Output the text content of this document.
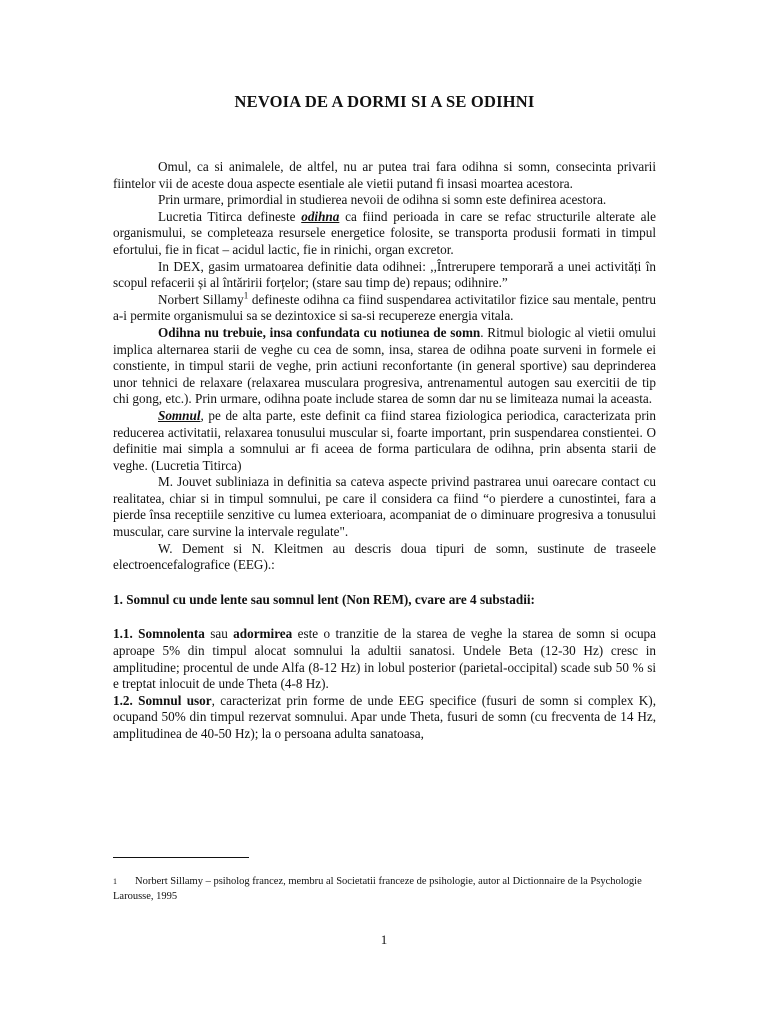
NEVOIA DE A DORMI SI A SE ODIHNI

Omul, ca si animalele, de altfel, nu ar putea trai fara odihna si somn, consecinta privarii fiintelor vii de aceste doua aspecte esentiale ale vietii putand fi insasi moartea acestora.

Prin urmare, primordial in studierea nevoii de odihna si somn este definirea acestora.

Lucretia Titirca defineste odihna ca fiind perioada in care se refac structurile alterate ale organismului, se completeaza resursele energetice folosite, se transporta produsii formati in timpul efortului, fie in ficat – acidul lactic, fie in rinichi, organ excretor.

In DEX, gasim urmatoarea definitie data odihnei: ,,Întrerupere temporară a unei activități în scopul refacerii și al întăririi forțelor; (stare sau timp de) repaus; odihnire.”

Norbert Sillamy$^1$ defineste odihna ca fiind suspendarea activitatilor fizice sau mentale, pentru a-i permite organismului sa se dezintoxice si sa-si recupereze energia vitala.

Odihna nu trebuie, insa confundata cu notiunea de somn. Ritmul biologic al vietii omului implica alternarea starii de veghe cu cea de somn, insa, starea de odihna poate surveni in formele ei constiente, in timpul starii de veghe, prin actiuni reconfortante (in general sportive) sau deprinderea unor tehnici de relaxare (relaxarea musculara progresiva, antrenamentul autogen sau exercitii de tip chi gong, etc.). Prin urmare, odihna poate include starea de somn dar nu se limiteaza numai la aceasta.

Somnul, pe de alta parte, este definit ca fiind starea fiziologica periodica, caracterizata prin reducerea activitatii, relaxarea tonusului muscular si, foarte important, prin suspendarea constientei. O definitie mai simpla a somnului ar fi aceea de forma particulara de odihna, prin absenta starii de veghe. (Lucretia Titirca)

M. Jouvet subliniaza in definitia sa cateva aspecte privind pastrarea unui oarecare contact cu realitatea, chiar si in timpul somnului, pe care il considera ca fiind “o pierdere a cunostintei, fara a pierde însa receptiile senzitive cu lumea exterioara, acompaniat de o diminuare progresiva a tonusului muscular, care survine la intervale regulate".

W. Dement si N. Kleitmen au descris doua tipuri de somn, sustinute de traseele electroencefalografice (EEG).:

1. Somnul cu unde lente sau somnul lent (Non REM), cvare are 4 substadii:

1.1. Somnolenta sau adormirea este o tranzitie de la starea de veghe la starea de somn si ocupa aproape 5% din timpul alocat somnului la adultii sanatosi. Undele Beta (12-30 Hz) cresc in amplitudine; procentul de unde Alfa (8-12 Hz) in lobul posterior (parietal-occipital) scade sub 50 % si e treptat inlocuit de unde Theta (4-8 Hz).

1.2. Somnul usor, caracterizat prin forme de unde EEG specifice (fusuri de somn si complex K), ocupand 50% din timpul rezervat somnului. Apar unde Theta, fusuri de somn (cu frecventa de 14 Hz, amplitudinea de 40-50 Hz); la o persoana adulta sanatoasa,

1 Norbert Sillamy – psiholog francez, membru al Societatii franceze de psihologie, autor al Dictionnaire de la Psychologie Larousse, 1995
1
